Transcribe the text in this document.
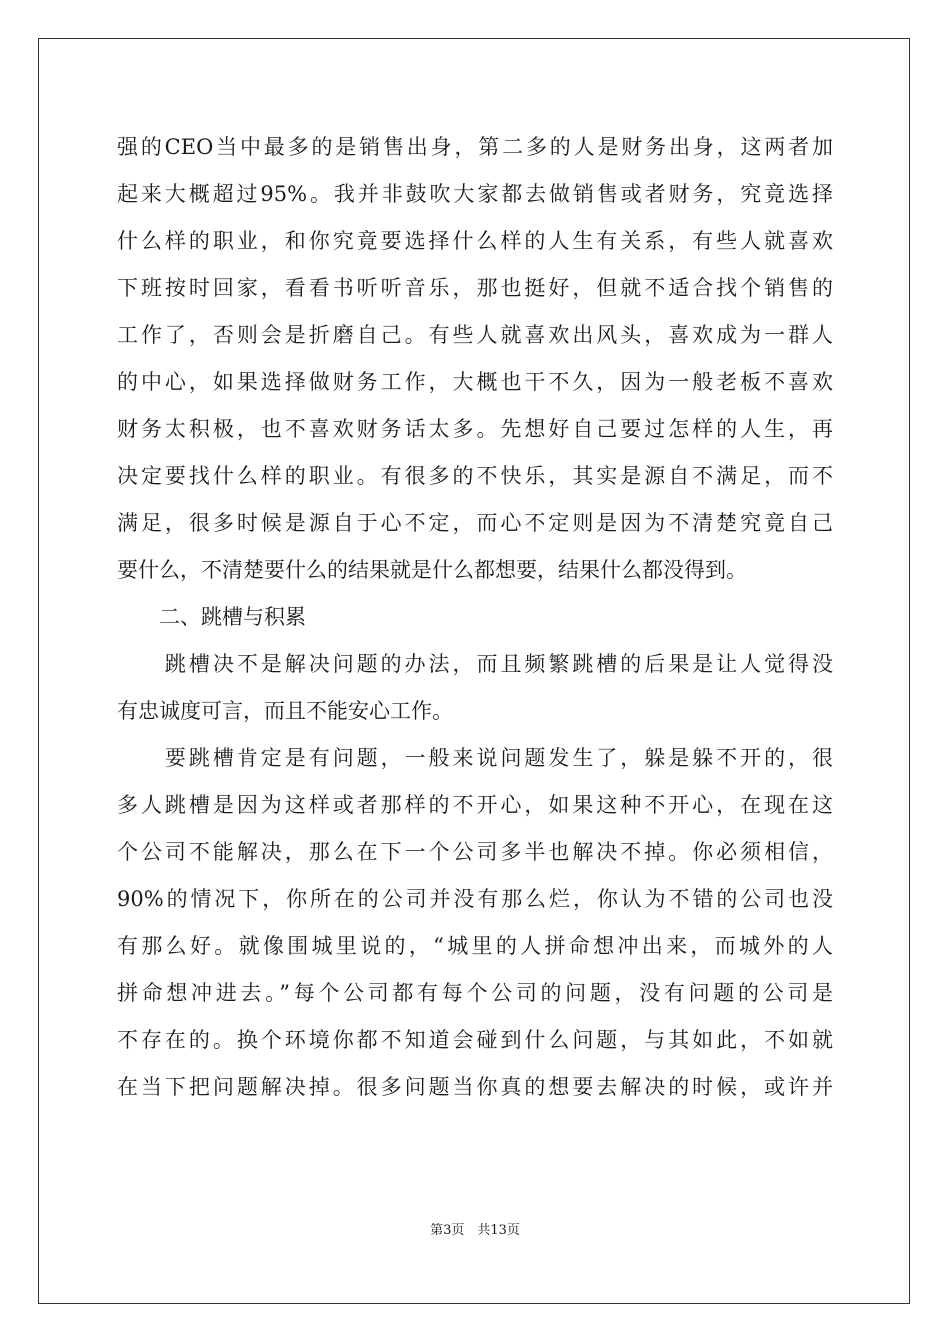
强的CEO当中最多的是销售出身，第二多的人是财务出身，这两者加
起来大概超过95%。我并非鼓吹大家都去做销售或者财务，究竟选择
什么样的职业，和你究竟要选择什么样的人生有关系，有些人就喜欢
下班按时回家，看看书听听音乐，那也挺好，但就不适合找个销售的
工作了，否则会是折磨自己。有些人就喜欢出风头，喜欢成为一群人
的中心，如果选择做财务工作，大概也干不久，因为一般老板不喜欢
财务太积极，也不喜欢财务话太多。先想好自己要过怎样的人生，再
决定要找什么样的职业。有很多的不快乐，其实是源自不满足，而不
满足，很多时候是源自于心不定，而心不定则是因为不清楚究竟自己
要什么，不清楚要什么的结果就是什么都想要，结果什么都没得到。
　　二、跳槽与积累
　　跳槽决不是解决问题的办法，而且频繁跳槽的后果是让人觉得没
有忠诚度可言，而且不能安心工作。
　　要跳槽肯定是有问题，一般来说问题发生了，躲是躲不开的，很
多人跳槽是因为这样或者那样的不开心，如果这种不开心，在现在这
个公司不能解决，那么在下一个公司多半也解决不掉。你必须相信，
90%的情况下，你所在的公司并没有那么烂，你认为不错的公司也没
有那么好。就像围城里说的，“城里的人拼命想冲出来，而城外的人
拼命想冲进去。”每个公司都有每个公司的问题，没有问题的公司是
不存在的。换个环境你都不知道会碰到什么问题，与其如此，不如就
在当下把问题解决掉。很多问题当你真的想要去解决的时候，或许并
第3页　共13页
